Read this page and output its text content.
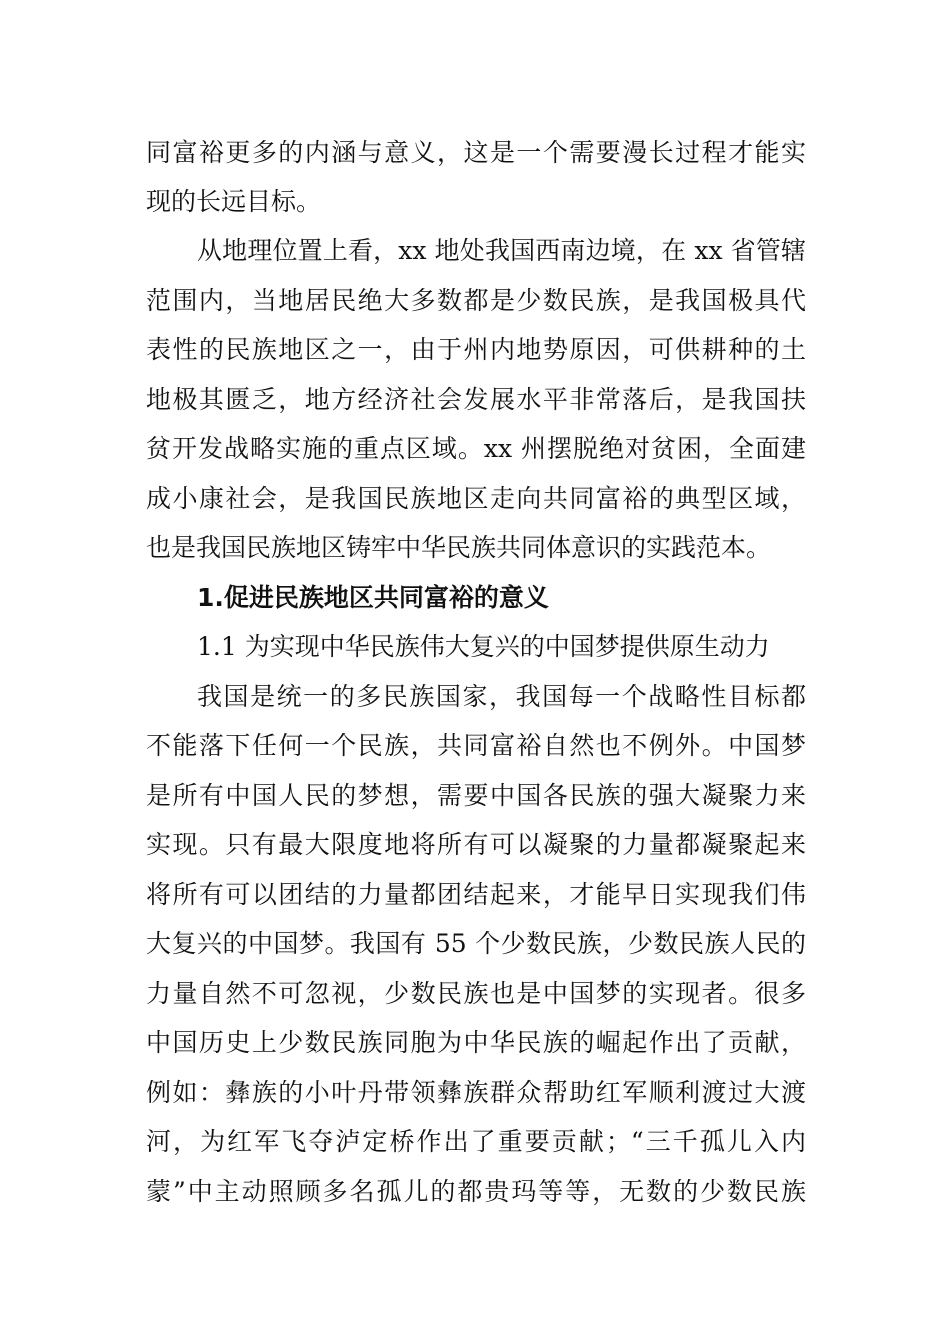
同富裕更多的内涵与意义，这是一个需要漫长过程才能实
现的长远目标。
从地理位置上看，xx 地处我国西南边境，在 xx 省管辖
范围内，当地居民绝大多数都是少数民族，是我国极具代
表性的民族地区之一，由于州内地势原因，可供耕种的土
地极其匮乏，地方经济社会发展水平非常落后，是我国扶
贫开发战略实施的重点区域。xx 州摆脱绝对贫困，全面建
成小康社会，是我国民族地区走向共同富裕的典型区域，
也是我国民族地区铸牢中华民族共同体意识的实践范本。
1.促进民族地区共同富裕的意义
1.1 为实现中华民族伟大复兴的中国梦提供原生动力
我国是统一的多民族国家，我国每一个战略性目标都
不能落下任何一个民族，共同富裕自然也不例外。中国梦
是所有中国人民的梦想，需要中国各民族的强大凝聚力来
实现。只有最大限度地将所有可以凝聚的力量都凝聚起来
将所有可以团结的力量都团结起来，才能早日实现我们伟
大复兴的中国梦。我国有 55 个少数民族，少数民族人民的
力量自然不可忽视，少数民族也是中国梦的实现者。很多
中国历史上少数民族同胞为中华民族的崛起作出了贡献，
例如：彝族的小叶丹带领彝族群众帮助红军顺利渡过大渡
河，为红军飞夺泸定桥作出了重要贡献；“三千孤儿入内
蒙”中主动照顾多名孤儿的都贵玛等等，无数的少数民族
